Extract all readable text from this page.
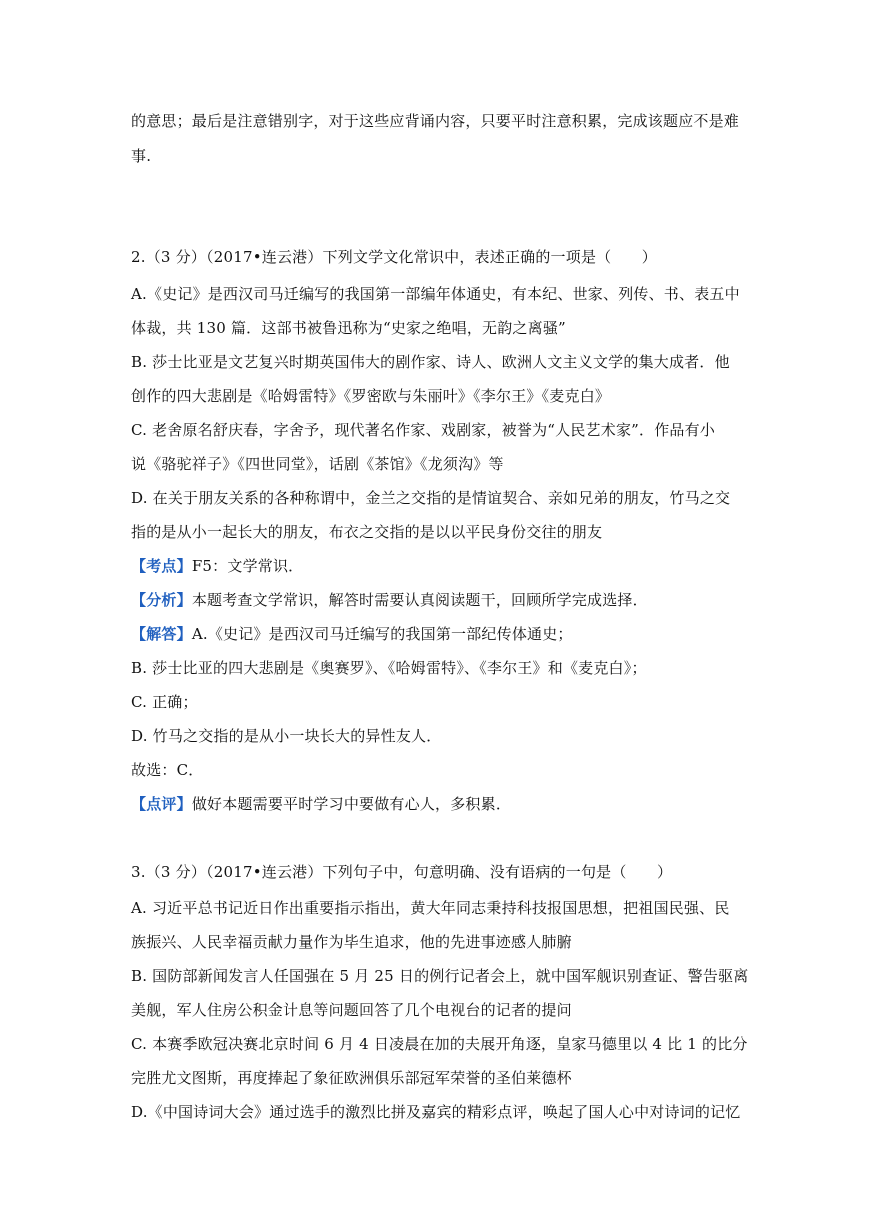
的意思；最后是注意错别字，对于这些应背诵内容，只要平时注意积累，完成该题应不是难
事.
2.（3 分）（2017•连云港）下列文学文化常识中，表述正确的一项是（　　）
A.《史记》是西汉司马迁编写的我国第一部编年体通史，有本纪、世家、列传、书、表五中
体裁，共 130 篇．这部书被鲁迅称为“史家之绝唱，无韵之离骚”
B. 莎士比亚是文艺复兴时期英国伟大的剧作家、诗人、欧洲人文主义文学的集大成者．他
创作的四大悲剧是《哈姆雷特》《罗密欧与朱丽叶》《李尔王》《麦克白》
C. 老舍原名舒庆春，字舍予，现代著名作家、戏剧家，被誉为“人民艺术家”．作品有小
说《骆驼祥子》《四世同堂》，话剧《茶馆》《龙须沟》等
D. 在关于朋友关系的各种称谓中，金兰之交指的是情谊契合、亲如兄弟的朋友，竹马之交
指的是从小一起长大的朋友，布衣之交指的是以以平民身份交往的朋友
【考点】F5：文学常识．
【分析】本题考查文学常识，解答时需要认真阅读题干，回顾所学完成选择．
【解答】A.《史记》是西汉司马迁编写的我国第一部纪传体通史；
B. 莎士比亚的四大悲剧是《奥赛罗》、《哈姆雷特》、《李尔王》和《麦克白》；
C. 正确；
D. 竹马之交指的是从小一块长大的异性友人．
故选：C．
【点评】做好本题需要平时学习中要做有心人，多积累．
3.（3 分）（2017•连云港）下列句子中，句意明确、没有语病的一句是（　　）
A. 习近平总书记近日作出重要指示指出，黄大年同志秉持科技报国思想，把祖国民强、民
族振兴、人民幸福贡献力量作为毕生追求，他的先进事迹感人肺腑
B. 国防部新闻发言人任国强在 5 月 25 日的例行记者会上，就中国军舰识别查证、警告驱离
美舰，军人住房公积金计息等问题回答了几个电视台的记者的提问
C. 本赛季欧冠决赛北京时间 6 月 4 日凌晨在加的夫展开角逐，皇家马德里以 4 比 1 的比分
完胜尤文图斯，再度捧起了象征欧洲俱乐部冠军荣誉的圣伯莱德杯
D.《中国诗词大会》通过选手的激烈比拼及嘉宾的精彩点评，唤起了国人心中对诗词的记忆
